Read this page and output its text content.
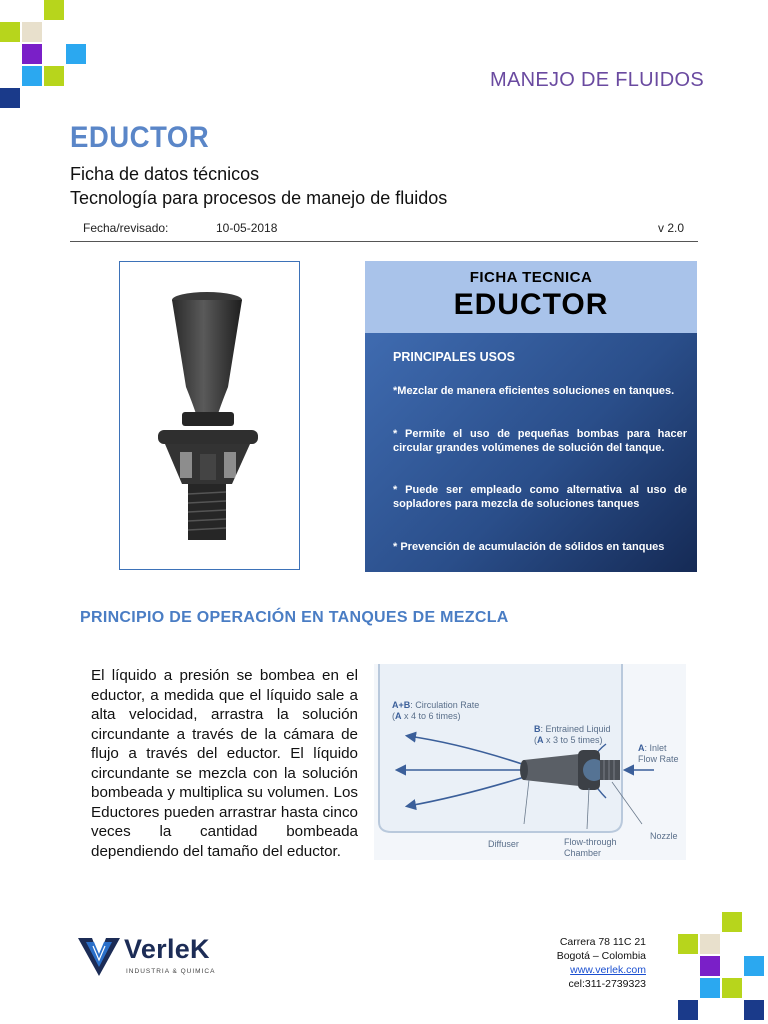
MANEJO DE FLUIDOS
EDUCTOR
Ficha de datos técnicos
Tecnología para procesos de manejo de fluidos
Fecha/revisado:	10-05-2018	v 2.0
FICHA TECNICA
EDUCTOR
PRINCIPALES USOS
*Mezclar de manera eficientes soluciones en tanques.
* Permite el uso de pequeñas bombas para hacer circular grandes volúmenes de solución del tanque.
* Puede ser empleado como alternativa al uso de sopladores para mezcla de soluciones tanques
* Prevención de acumulación de sólidos en tanques
PRINCIPIO DE OPERACIÓN EN TANQUES DE MEZCLA
El líquido a presión se bombea en el eductor, a medida que el líquido sale a alta velocidad, arrastra la solución circundante a través de la cámara de flujo a través del eductor. El líquido circundante se mezcla con la solución bombeada y multiplica su volumen. Los Eductores pueden arrastrar hasta cinco veces la cantidad bombeada dependiendo del tamaño del eductor.
A+B: Circulation Rate
(A x 4 to 6 times)
B: Entrained Liquid
(A x 3 to 5 times)
A: Inlet
Flow Rate
Diffuser	Flow-through
Chamber
Nozzle
VerleK
INDUSTRIA & QUIMICA
Carrera 78 11C 21
Bogotá – Colombia
www.verlek.com
cel:311-2739323
